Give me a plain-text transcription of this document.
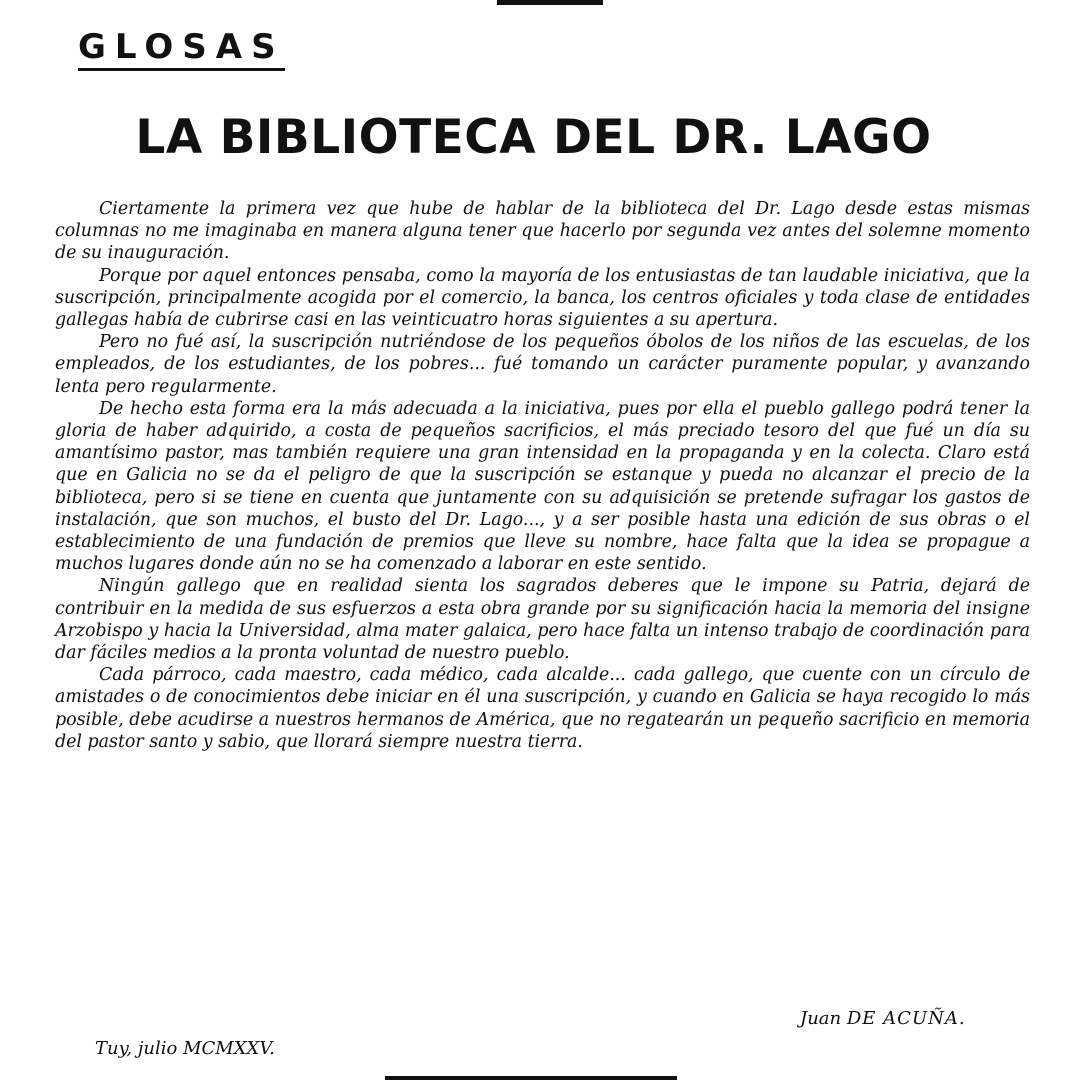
GLOSAS
LA BIBLIOTECA DEL DR. LAGO

Ciertamente la primera vez que hube de hablar de la biblioteca del Dr. Lago desde estas mismas columnas no me imaginaba en manera alguna tener que hacerlo por segunda vez antes del solemne momento de su inauguración.

Porque por aquel entonces pensaba, como la mayoría de los entusiastas de tan laudable iniciativa, que la suscripción, principalmente acogida por el comercio, la banca, los centros oficiales y toda clase de entidades gallegas había de cubrirse casi en las veinticuatro horas siguientes a su apertura.

Pero no fué así, la suscripción nutriéndose de los pequeños óbolos de los niños de las escuelas, de los empleados, de los estudiantes, de los pobres... fué tomando un carácter puramente popular, y avanzando lenta pero regularmente.

De hecho esta forma era la más adecuada a la iniciativa, pues por ella el pueblo gallego podrá tener la gloria de haber adquirido, a costa de pequeños sacrificios, el más preciado tesoro del que fué un día su amantísimo pastor, mas también requiere una gran intensidad en la propaganda y en la colecta. Claro está que en Galicia no se da el peligro de que la suscripción se estanque y pueda no alcanzar el precio de la biblioteca, pero si se tiene en cuenta que juntamente con su adquisición se pretende sufragar los gastos de instalación, que son muchos, el busto del Dr. Lago..., y a ser posible hasta una edición de sus obras o el establecimiento de una fundación de premios que lleve su nombre, hace falta que la idea se propague a muchos lugares donde aún no se ha comenzado a laborar en este sentido.

Ningún gallego que en realidad sienta los sagrados deberes que le impone su Patria, dejará de contribuir en la medida de sus esfuerzos a esta obra grande por su significación hacia la memoria del insigne Arzobispo y hacia la Universidad, alma mater galaica, pero hace falta un intenso trabajo de coordinación para dar fáciles medios a la pronta voluntad de nuestro pueblo.

Cada párroco, cada maestro, cada médico, cada alcalde... cada gallego, que cuente con un círculo de amistades o de conocimientos debe iniciar en él una suscripción, y cuando en Galicia se haya recogido lo más posible, debe acudirse a nuestros hermanos de América, que no regatearán un pequeño sacrificio en memoria del pastor santo y sabio, que llorará siempre nuestra tierra.

Juan DE ACUÑA.
Tuy, julio MCMXXV.
